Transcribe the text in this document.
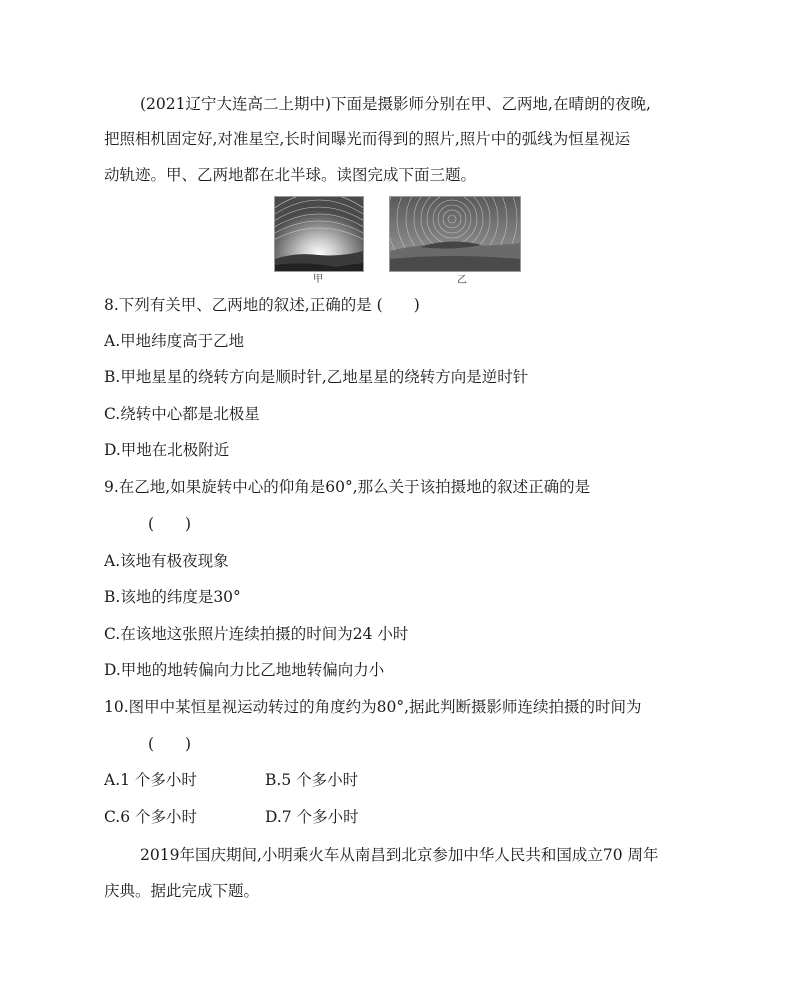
(2021辽宁大连高二上期中)下面是摄影师分别在甲、乙两地,在晴朗的夜晚,
把照相机固定好,对准星空,长时间曝光而得到的照片,照片中的弧线为恒星视运
动轨迹。甲、乙两地都在北半球。读图完成下面三题。
甲	乙
8.下列有关甲、乙两地的叙述,正确的是 (　　)
A.甲地纬度高于乙地
B.甲地星星的绕转方向是顺时针,乙地星星的绕转方向是逆时针
C.绕转中心都是北极星
D.甲地在北极附近
9.在乙地,如果旋转中心的仰角是60°,那么关于该拍摄地的叙述正确的是
(　　)
A.该地有极夜现象
B.该地的纬度是30°
C.在该地这张照片连续拍摄的时间为24 小时
D.甲地的地转偏向力比乙地地转偏向力小
10.图甲中某恒星视运动转过的角度约为80°,据此判断摄影师连续拍摄的时间为
(　　)
A.1 个多小时	B.5 个多小时
C.6 个多小时	D.7 个多小时
2019年国庆期间,小明乘火车从南昌到北京参加中华人民共和国成立70 周年
庆典。据此完成下题。
